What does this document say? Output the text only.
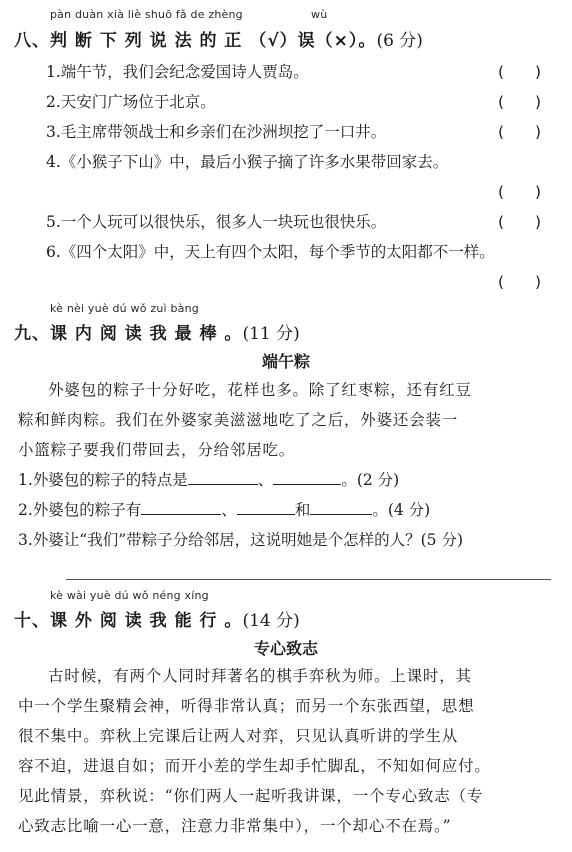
pàn duàn xià liè shuō fǎ de zhèng	wù
八、判 断 下 列 说 法 的 正 （√）误（×）。(6 分)
1.端午节，我们会纪念爱国诗人贾岛。	(　　)
2.天安门广场位于北京。	(　　)
3.毛主席带领战士和乡亲们在沙洲坝挖了一口井。	(　　)
4.《小猴子下山》中，最后小猴子摘了许多水果带回家去。
(　　)
5.一个人玩可以很快乐，很多人一块玩也很快乐。	(　　)
6.《四个太阳》中，天上有四个太阳，每个季节的太阳都不一样。
(　　)
kè nèi yuè dú wǒ zuì bàng
九、课 内 阅 读 我 最 棒 。(11 分)
端午粽
外婆包的粽子十分好吃，花样也多。除了红枣粽，还有红豆
粽和鲜肉粽。我们在外婆家美滋滋地吃了之后，外婆还会装一
小篮粽子要我们带回去，分给邻居吃。
1.外婆包的粽子的特点是	、	。(2 分)
2.外婆包的粽子有	、	和	。(4 分)
3.外婆让“我们”带粽子分给邻居，这说明她是个怎样的人？(5 分)
kè wài yuè dú wǒ néng xíng
十、课 外 阅 读 我 能 行 。(14 分)
专心致志
古时候，有两个人同时拜著名的棋手弈秋为师。上课时，其
中一个学生聚精会神，听得非常认真；而另一个东张西望，思想
很不集中。弈秋上完课后让两人对弈，只见认真听讲的学生从
容不迫，进退自如；而开小差的学生却手忙脚乱，不知如何应付。
见此情景，弈秋说：“你们两人一起听我讲课，一个专心致志（专
心致志比喻一心一意，注意力非常集中），一个却心不在焉。”
